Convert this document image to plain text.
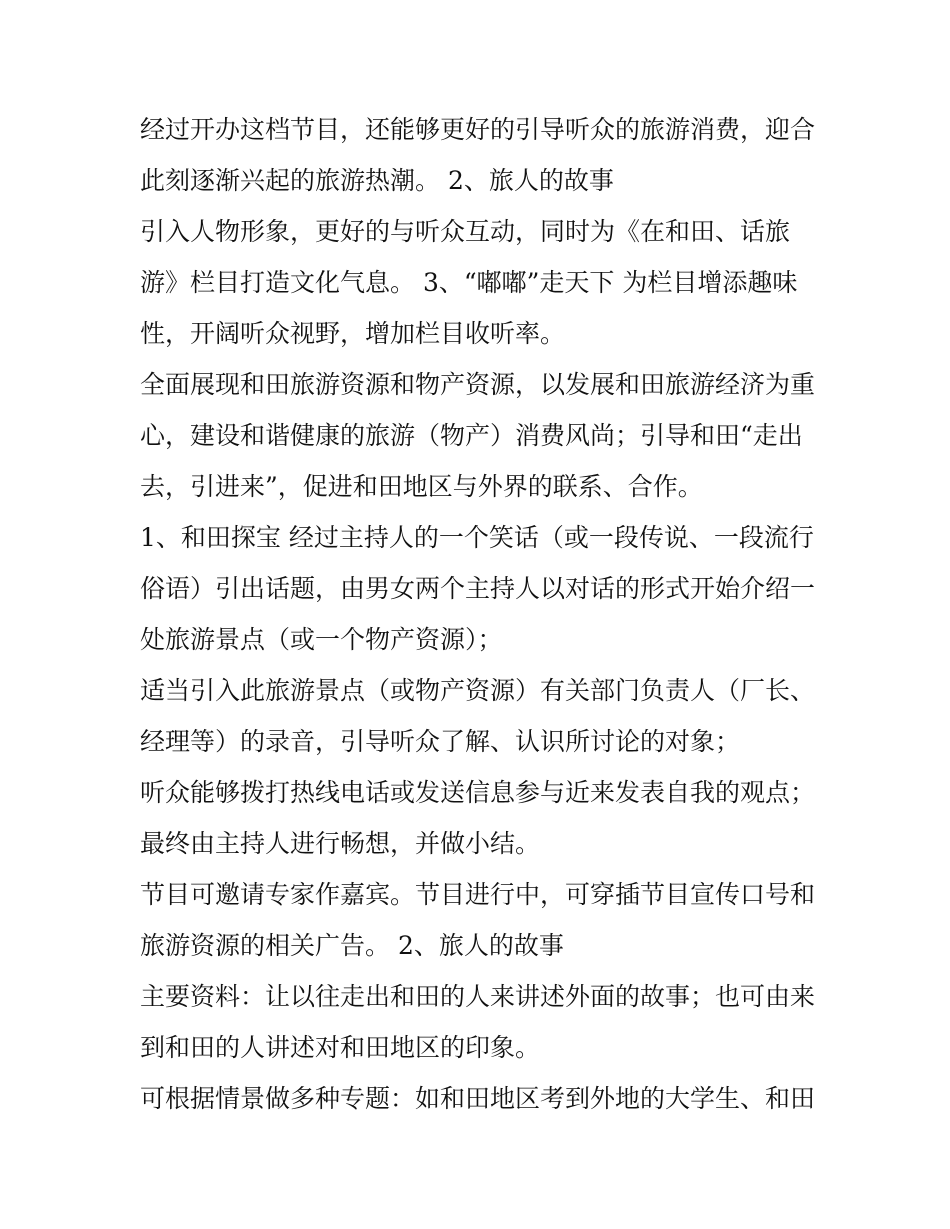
经过开办这档节目，还能够更好的引导听众的旅游消费，迎合
此刻逐渐兴起的旅游热潮。 2、旅人的故事
引入人物形象，更好的与听众互动，同时为《在和田、话旅
游》栏目打造文化气息。 3、“嘟嘟”走天下 为栏目增添趣味
性，开阔听众视野，增加栏目收听率。
全面展现和田旅游资源和物产资源，以发展和田旅游经济为重
心，建设和谐健康的旅游（物产）消费风尚；引导和田“走出
去，引进来”，促进和田地区与外界的联系、合作。
1、和田探宝 经过主持人的一个笑话（或一段传说、一段流行
俗语）引出话题，由男女两个主持人以对话的形式开始介绍一
处旅游景点（或一个物产资源）；
适当引入此旅游景点（或物产资源）有关部门负责人（厂长、
经理等）的录音，引导听众了解、认识所讨论的对象；
听众能够拨打热线电话或发送信息参与近来发表自我的观点；
最终由主持人进行畅想，并做小结。
节目可邀请专家作嘉宾。节目进行中，可穿插节目宣传口号和
旅游资源的相关广告。 2、旅人的故事
主要资料：让以往走出和田的人来讲述外面的故事；也可由来
到和田的人讲述对和田地区的印象。
可根据情景做多种专题：如和田地区考到外地的大学生、和田
